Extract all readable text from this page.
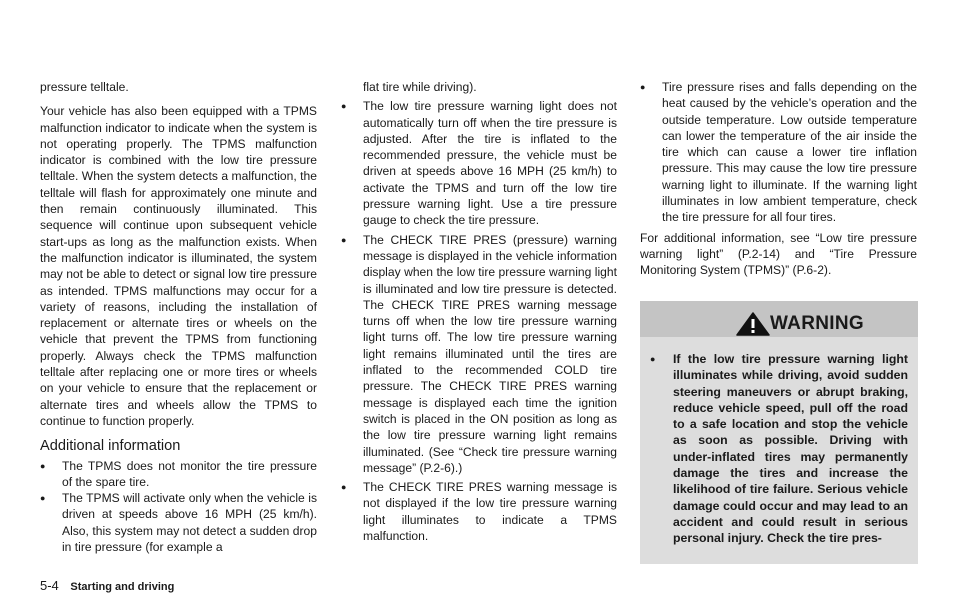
pressure telltale.

Your vehicle has also been equipped with a TPMS malfunction indicator to indicate when the system is not operating properly. The TPMS malfunction indicator is combined with the low tire pressure telltale. When the system detects a malfunction, the telltale will flash for approximately one minute and then remain continuously illuminated. This sequence will continue upon subsequent vehicle start-ups as long as the malfunction exists. When the malfunction indicator is illuminated, the system may not be able to detect or signal low tire pressure as intended. TPMS malfunctions may occur for a variety of reasons, including the installation of replacement or alternate tires or wheels on the vehicle that prevent the TPMS from functioning properly. Always check the TPMS malfunction telltale after replacing one or more tires or wheels on your vehicle to ensure that the replacement or alternate tires and wheels allow the TPMS to continue to function properly.

Additional information
● The TPMS does not monitor the tire pressure of the spare tire.
● The TPMS will activate only when the vehicle is driven at speeds above 16 MPH (25 km/h). Also, this system may not detect a sudden drop in tire pressure (for example a

flat tire while driving).

● The low tire pressure warning light does not automatically turn off when the tire pressure is adjusted. After the tire is inflated to the recommended pressure, the vehicle must be driven at speeds above 16 MPH (25 km/h) to activate the TPMS and turn off the low tire pressure warning light. Use a tire pressure gauge to check the tire pressure.
● The CHECK TIRE PRES (pressure) warning message is displayed in the vehicle information display when the low tire pressure warning light is illuminated and low tire pressure is detected. The CHECK TIRE PRES warning message turns off when the low tire pressure warning light turns off. The low tire pressure warning light remains illuminated until the tires are inflated to the recommended COLD tire pressure. The CHECK TIRE PRES warning message is displayed each time the ignition switch is placed in the ON position as long as the low tire pressure warning light remains illuminated. (See “Check tire pressure warning message” (P.2-6).)
● The CHECK TIRE PRES warning message is not displayed if the low tire pressure warning light illuminates to indicate a TPMS malfunction.
● Tire pressure rises and falls depending on the heat caused by the vehicle’s operation and the outside temperature. Low outside temperature can lower the temperature of the air inside the tire which can cause a lower tire inflation pressure. This may cause the low tire pressure warning light to illuminate. If the warning light illuminates in low ambient temperature, check the tire pressure for all four tires.

For additional information, see “Low tire pressure warning light” (P.2-14) and “Tire Pressure Monitoring System (TPMS)” (P.6-2).

WARNING
● If the low tire pressure warning light illuminates while driving, avoid sudden steering maneuvers or abrupt braking, reduce vehicle speed, pull off the road to a safe location and stop the vehicle as soon as possible. Driving with under-inflated tires may permanently damage the tires and increase the likelihood of tire failure. Serious vehicle damage could occur and may lead to an accident and could result in serious personal injury. Check the tire pres-
5-4 Starting and driving
